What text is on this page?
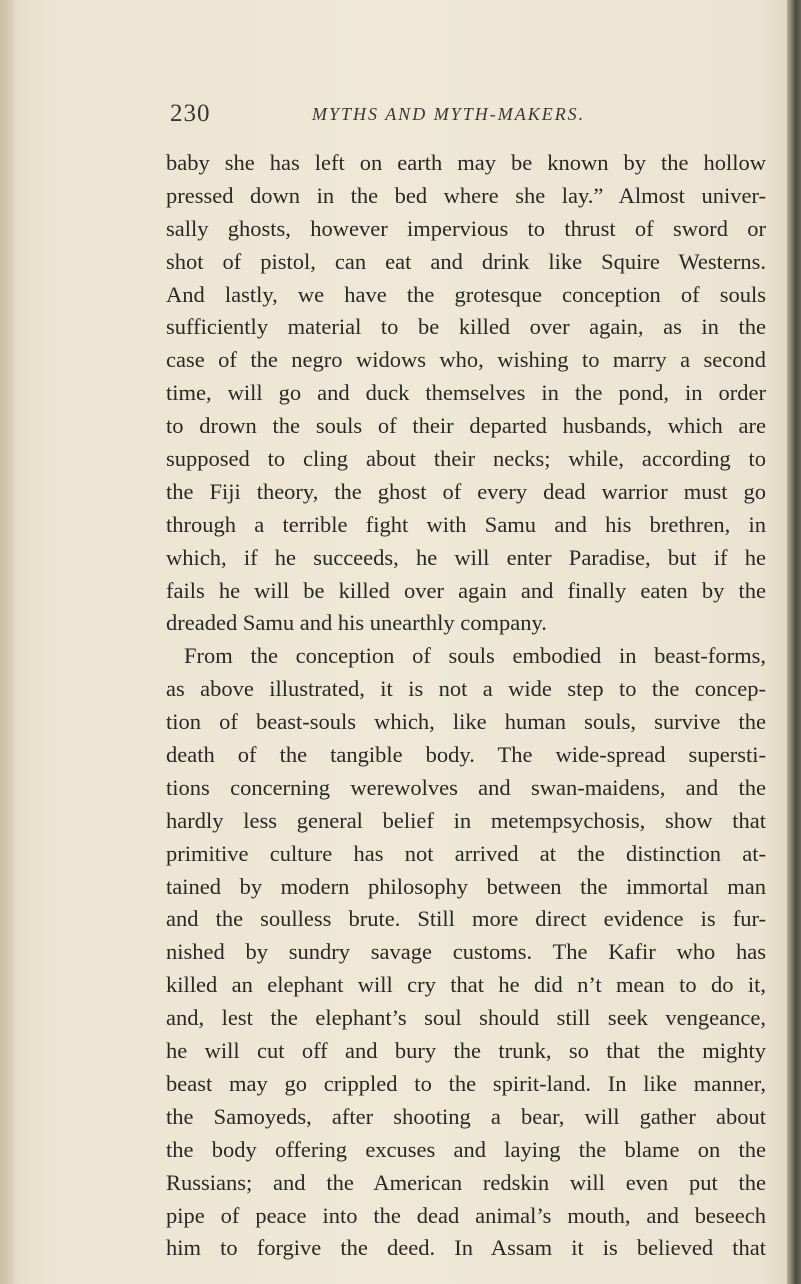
230	MYTHS AND MYTH-MAKERS.
baby she has left on earth may be known by the hollow
pressed down in the bed where she lay.” Almost univer-
sally ghosts, however impervious to thrust of sword or
shot of pistol, can eat and drink like Squire Westerns.
And lastly, we have the grotesque conception of souls
sufficiently material to be killed over again, as in the
case of the negro widows who, wishing to marry a second
time, will go and duck themselves in the pond, in order
to drown the souls of their departed husbands, which are
supposed to cling about their necks; while, according to
the Fiji theory, the ghost of every dead warrior must go
through a terrible fight with Samu and his brethren, in
which, if he succeeds, he will enter Paradise, but if he
fails he will be killed over again and finally eaten by the
dreaded Samu and his unearthly company.
From the conception of souls embodied in beast-forms,
as above illustrated, it is not a wide step to the concep-
tion of beast-souls which, like human souls, survive the
death of the tangible body. The wide-spread supersti-
tions concerning werewolves and swan-maidens, and the
hardly less general belief in metempsychosis, show that
primitive culture has not arrived at the distinction at-
tained by modern philosophy between the immortal man
and the soulless brute. Still more direct evidence is fur-
nished by sundry savage customs. The Kafir who has
killed an elephant will cry that he did n’t mean to do it,
and, lest the elephant’s soul should still seek vengeance,
he will cut off and bury the trunk, so that the mighty
beast may go crippled to the spirit-land. In like manner,
the Samoyeds, after shooting a bear, will gather about
the body offering excuses and laying the blame on the
Russians; and the American redskin will even put the
pipe of peace into the dead animal’s mouth, and beseech
him to forgive the deed. In Assam it is believed that
